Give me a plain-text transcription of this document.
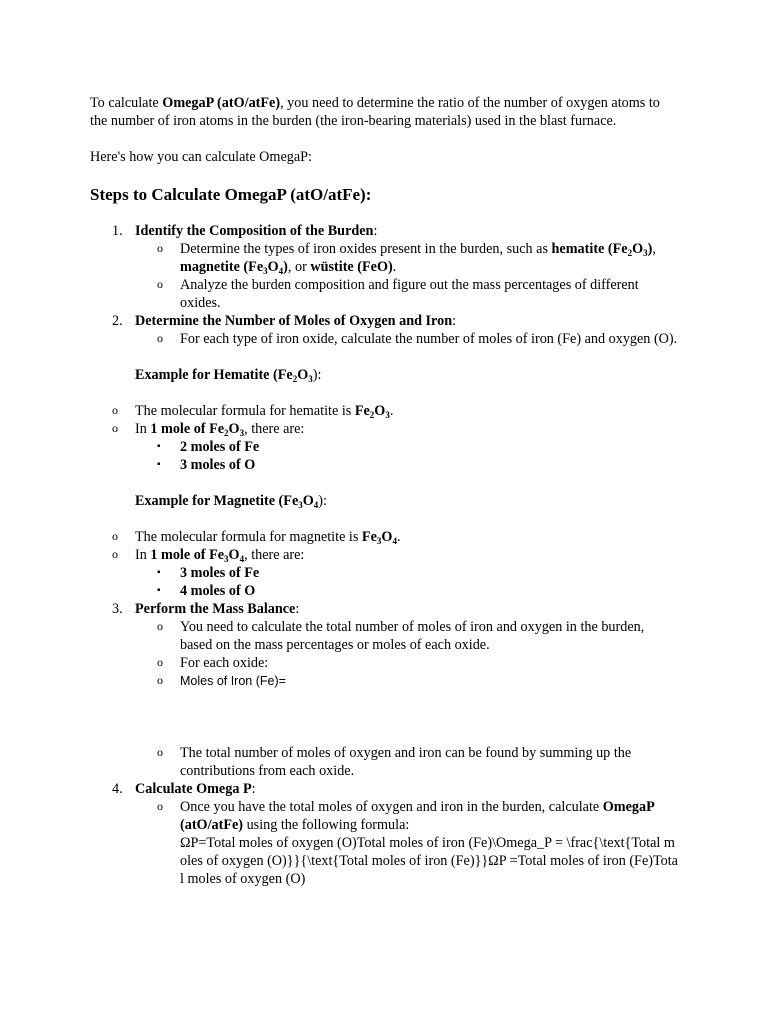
To calculate OmegaP (atO/atFe), you need to determine the ratio of the number of oxygen atoms to the number of iron atoms in the burden (the iron-bearing materials) used in the blast furnace.

Here's how you can calculate OmegaP:

Steps to Calculate OmegaP (atO/atFe):
1. Identify the Composition of the Burden:
o Determine the types of iron oxides present in the burden, such as hematite $(Fe_2O_3)$, magnetite $(Fe_3O_4)$, or wüstite (FeO).
o Analyze the burden composition and figure out the mass percentages of different oxides.
2. Determine the Number of Moles of Oxygen and Iron:
o For each type of iron oxide, calculate the number of moles of iron (Fe) and oxygen (O).

Example for Hematite $(Fe_2O_3)$:

o The molecular formula for hematite is $Fe_2O_3$.
o In 1 mole of $Fe_2O_3$, there are:
▪ 2 moles of Fe
▪ 3 moles of O

Example for Magnetite $(Fe_3O_4)$:

o The molecular formula for magnetite is $Fe_3O_4$.
o In 1 mole of $Fe_3O_4$, there are:
▪ 3 moles of Fe
▪ 4 moles of O
3. Perform the Mass Balance:
o You need to calculate the total number of moles of iron and oxygen in the burden, based on the mass percentages or moles of each oxide.
o For each oxide:
o Moles of Iron (Fe)=
o The total number of moles of oxygen and iron can be found by summing up the contributions from each oxide.
4. Calculate Omega P:
o Once you have the total moles of oxygen and iron in the burden, calculate OmegaP (atO/atFe) using the following formula:
ΩP=Total moles of oxygen (O)Total moles of iron (Fe)\Omega_P = \frac{\text{Total moles of oxygen (O)}}{\text{Total moles of iron (Fe)}}ΩP =Total moles of iron (Fe)Total moles of oxygen (O)
